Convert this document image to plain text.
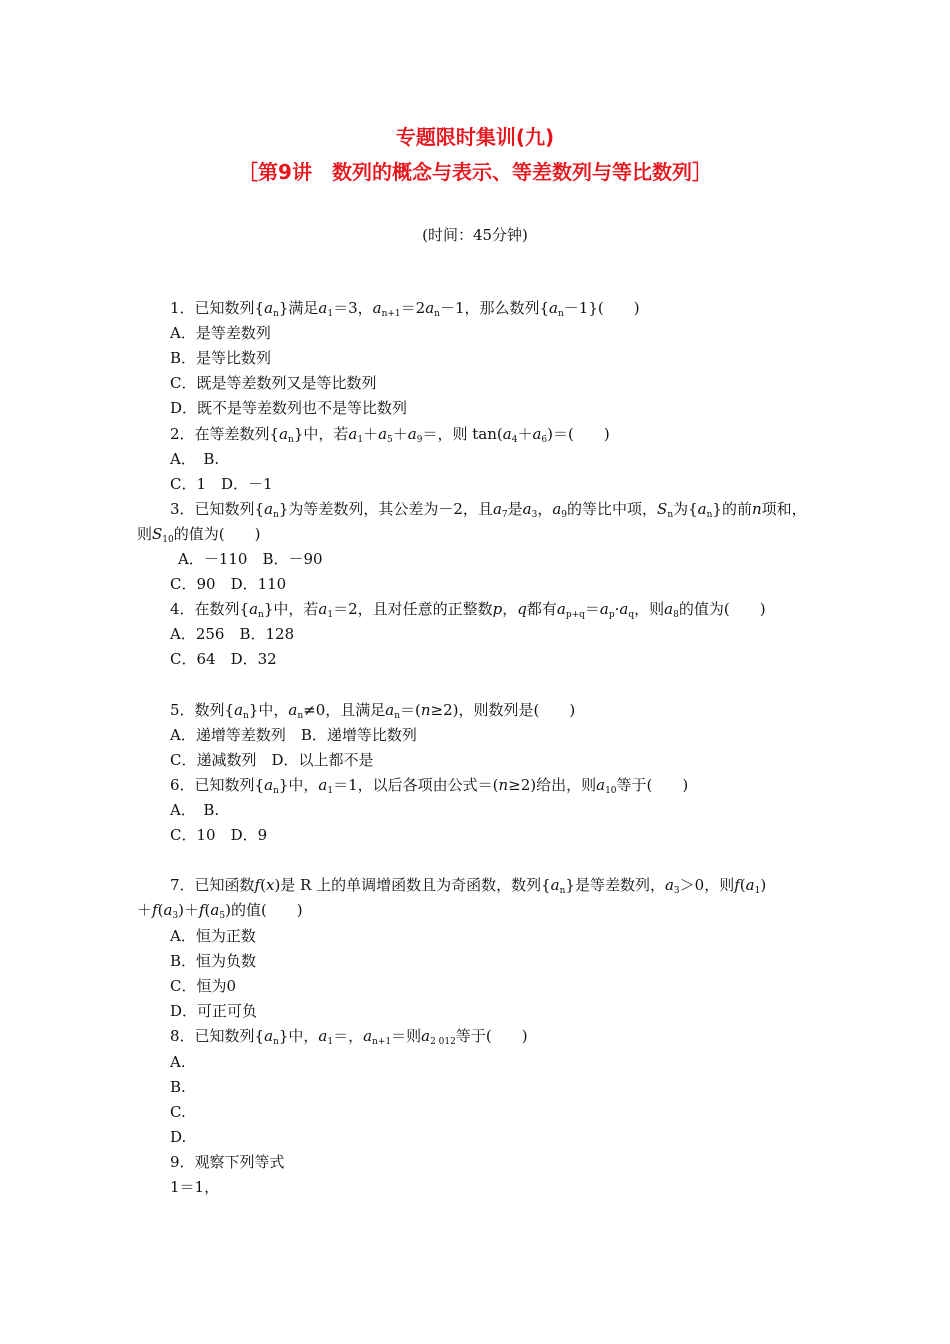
专题限时集训(九)
［第9讲　数列的概念与表示、等差数列与等比数列］
(时间：45分钟)
1．已知数列$\{a_n\}$满足$a_1=3$，$a_{n+1}=2a_n-1$，那么数列$\{a_n-1\}$(　　)
A．是等差数列
B．是等比数列
C．既是等差数列又是等比数列
D．既不是等差数列也不是等比数列
2．在等差数列$\{a_n\}$中，若$a_1+a_5+a_9=$，则 $\tan(a_4+a_6)=$(　　)
A．　B.
C．1　D．－1
3．已知数列$\{a_n\}$为等差数列，其公差为－2，且$a_7$是$a_3$，$a_9$的等比中项，$S_n$为$\{a_n\}$的前n项和，
则$S_{10}$的值为(　　)
A．－110　B．－90
C．90　D．110
4．在数列$\{a_n\}$中，若$a_1=2$，且对任意的正整数p，q都有$a_{p+q}=a_p\cdot a_q$，则$a_8$的值为(　　)
A．256　B．128
C．64　D．32
5．数列$\{a_n\}$中，$a_n\ne 0$，且满足$a_n=(n\ge 2)$，则数列是(　　)
A．递增等差数列　B．递增等比数列
C．递减数列　D．以上都不是
6．已知数列$\{a_n\}$中，$a_1=1$，以后各项由公式＝(n≥2)给出，则$a_{10}$等于(　　)
A．　B.
C．10　D．9
7．已知函数f(x)是 R 上的单调增函数且为奇函数，数列$\{a_n\}$是等差数列，$a_3>0$，则$f(a_1)$
$+f(a_3)+f(a_5)$的值(　　)
A．恒为正数
B．恒为负数
C．恒为0
D．可正可负
8．已知数列$\{a_n\}$中，$a_1=$，$a_{n+1}=$则$a_{2 012}$等于(　　)
A.
B.
C.
D.
9．观察下列等式
1＝1，
